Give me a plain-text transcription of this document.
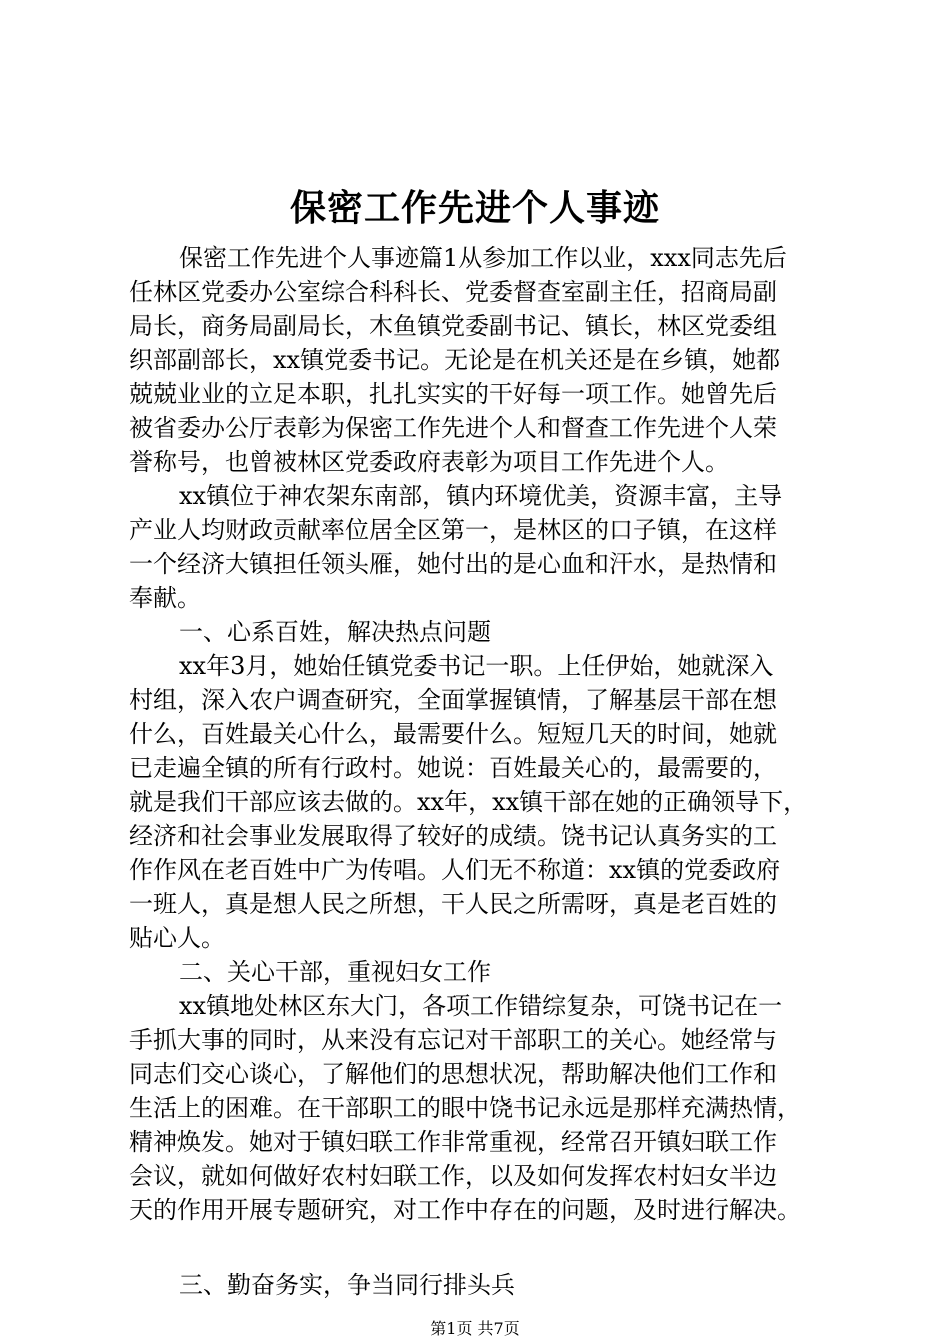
保密工作先进个人事迹
保密工作先进个人事迹篇1从参加工作以业，xxx同志先后
任林区党委办公室综合科科长、党委督查室副主任，招商局副
局长，商务局副局长，木鱼镇党委副书记、镇长，林区党委组
织部副部长，xx镇党委书记。无论是在机关还是在乡镇，她都
兢兢业业的立足本职，扎扎实实的干好每一项工作。她曾先后
被省委办公厅表彰为保密工作先进个人和督查工作先进个人荣
誉称号，也曾被林区党委政府表彰为项目工作先进个人。
xx镇位于神农架东南部，镇内环境优美，资源丰富，主导
产业人均财政贡献率位居全区第一，是林区的口子镇，在这样
一个经济大镇担任领头雁，她付出的是心血和汗水，是热情和
奉献。
一、心系百姓，解决热点问题
xx年3月，她始任镇党委书记一职。上任伊始，她就深入
村组，深入农户调查研究，全面掌握镇情，了解基层干部在想
什么，百姓最关心什么，最需要什么。短短几天的时间，她就
已走遍全镇的所有行政村。她说：百姓最关心的，最需要的，
就是我们干部应该去做的。xx年，xx镇干部在她的正确领导下，
经济和社会事业发展取得了较好的成绩。饶书记认真务实的工
作作风在老百姓中广为传唱。人们无不称道：xx镇的党委政府
一班人，真是想人民之所想，干人民之所需呀，真是老百姓的
贴心人。
二、关心干部，重视妇女工作
xx镇地处林区东大门，各项工作错综复杂，可饶书记在一
手抓大事的同时，从来没有忘记对干部职工的关心。她经常与
同志们交心谈心，了解他们的思想状况，帮助解决他们工作和
生活上的困难。在干部职工的眼中饶书记永远是那样充满热情，
精神焕发。她对于镇妇联工作非常重视，经常召开镇妇联工作
会议，就如何做好农村妇联工作，以及如何发挥农村妇女半边
天的作用开展专题研究，对工作中存在的问题，及时进行解决。
三、勤奋务实，争当同行排头兵
第1页 共7页
